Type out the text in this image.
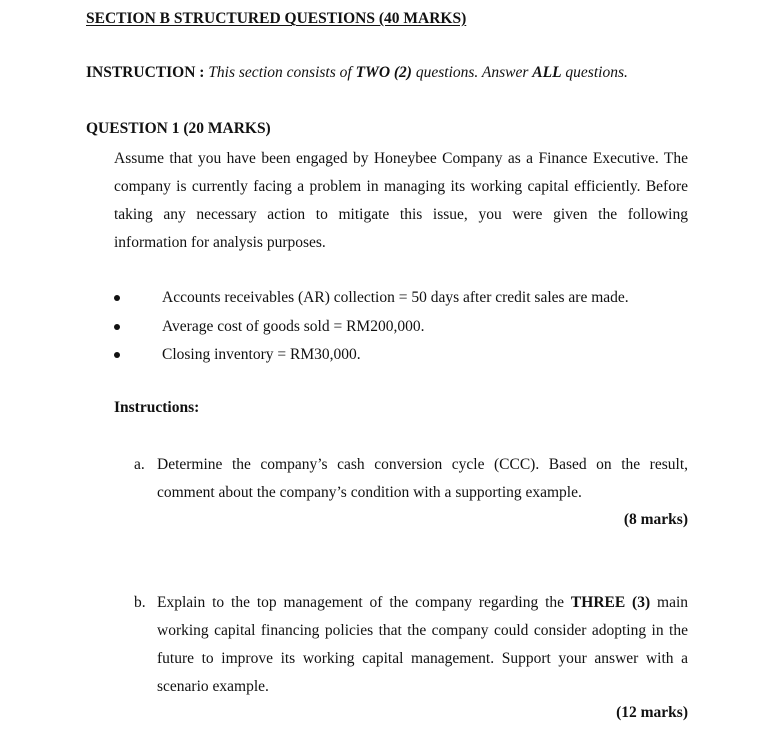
SECTION B STRUCTURED QUESTIONS (40 MARKS)
INSTRUCTION : This section consists of TWO (2) questions. Answer ALL questions.
QUESTION 1 (20 MARKS)
Assume that you have been engaged by Honeybee Company as a Finance Executive. The
company is currently facing a problem in managing its working capital efficiently. Before
taking any necessary action to mitigate this issue, you were given the following
information for analysis purposes.
Accounts receivables (AR) collection = 50 days after credit sales are made.
Average cost of goods sold = RM200,000.
Closing inventory = RM30,000.
Instructions:
a. Determine the company’s cash conversion cycle (CCC). Based on the result,
comment about the company’s condition with a supporting example.
(8 marks)
b. Explain to the top management of the company regarding the THREE (3) main
working capital financing policies that the company could consider adopting in the
future to improve its working capital management. Support your answer with a
scenario example.
(12 marks)
